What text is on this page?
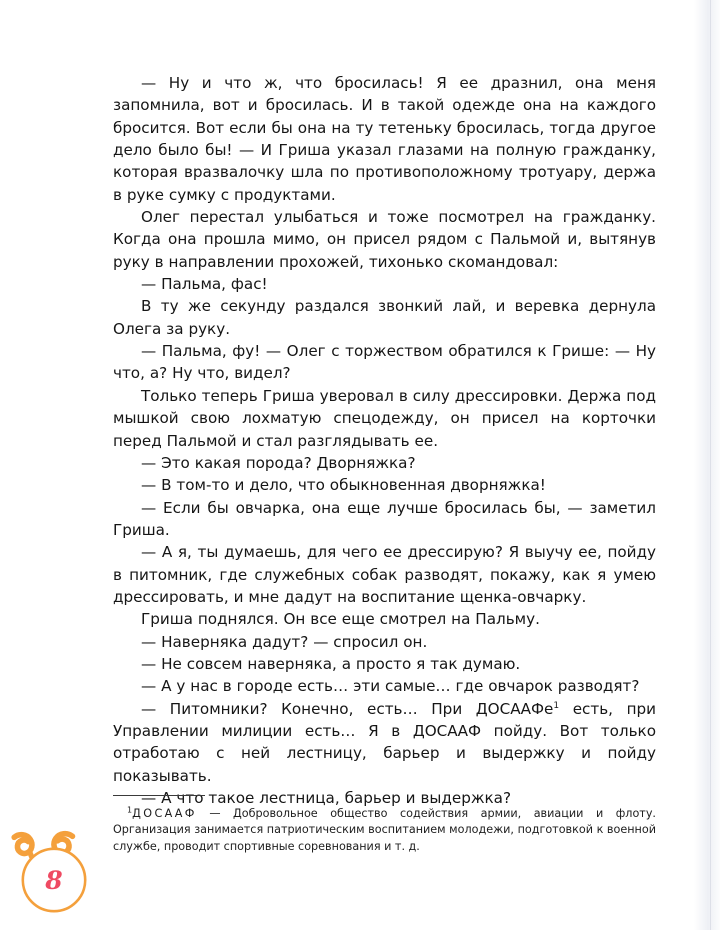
— Ну и что ж, что бросилась! Я ее дразнил, она меня запомнила, вот и бросилась. И в такой одежде она на каждого бросится. Вот если бы она на ту тетеньку бросилась, тогда другое дело было бы! — И Гриша указал глазами на полную гражданку, которая вразвалочку шла по противоположному тротуару, держа в руке сумку с продуктами.

Олег перестал улыбаться и тоже посмотрел на гражданку. Когда она прошла мимо, он присел рядом с Пальмой и, вытянув руку в направлении прохожей, тихонько скомандовал:

— Пальма, фас!

В ту же секунду раздался звонкий лай, и веревка дернула Олега за руку.

— Пальма, фу! — Олег с торжеством обратился к Грише: — Ну что, а? Ну что, видел?

Только теперь Гриша уверовал в силу дрессировки. Держа под мышкой свою лохматую спецодежду, он присел на корточки перед Пальмой и стал разглядывать ее.

— Это какая порода? Дворняжка?

— В том-то и дело, что обыкновенная дворняжка!

— Если бы овчарка, она еще лучше бросилась бы, — заметил Гриша.

— А я, ты думаешь, для чего ее дрессирую? Я выучу ее, пойду в питомник, где служебных собак разводят, покажу, как я умею дрессировать, и мне дадут на воспитание щенка-овчарку.

Гриша поднялся. Он все еще смотрел на Пальму.

— Наверняка дадут? — спросил он.

— Не совсем наверняка, а просто я так думаю.

— А у нас в городе есть… эти самые… где овчарок разводят?

— Питомники? Конечно, есть… При ДОСААФе$^1$ есть, при Управлении милиции есть… Я в ДОСААФ пойду. Вот только отработаю с ней лестницу, барьер и выдержку и пойду показывать.

— А что такое лестница, барьер и выдержка?

$^1$ДОСААФ — Добровольное общество содействия армии, авиации и флоту. Организация занимается патриотическим воспитанием молодежи, подготовкой к военной службе, проводит спортивные соревнования и т. д.

8
